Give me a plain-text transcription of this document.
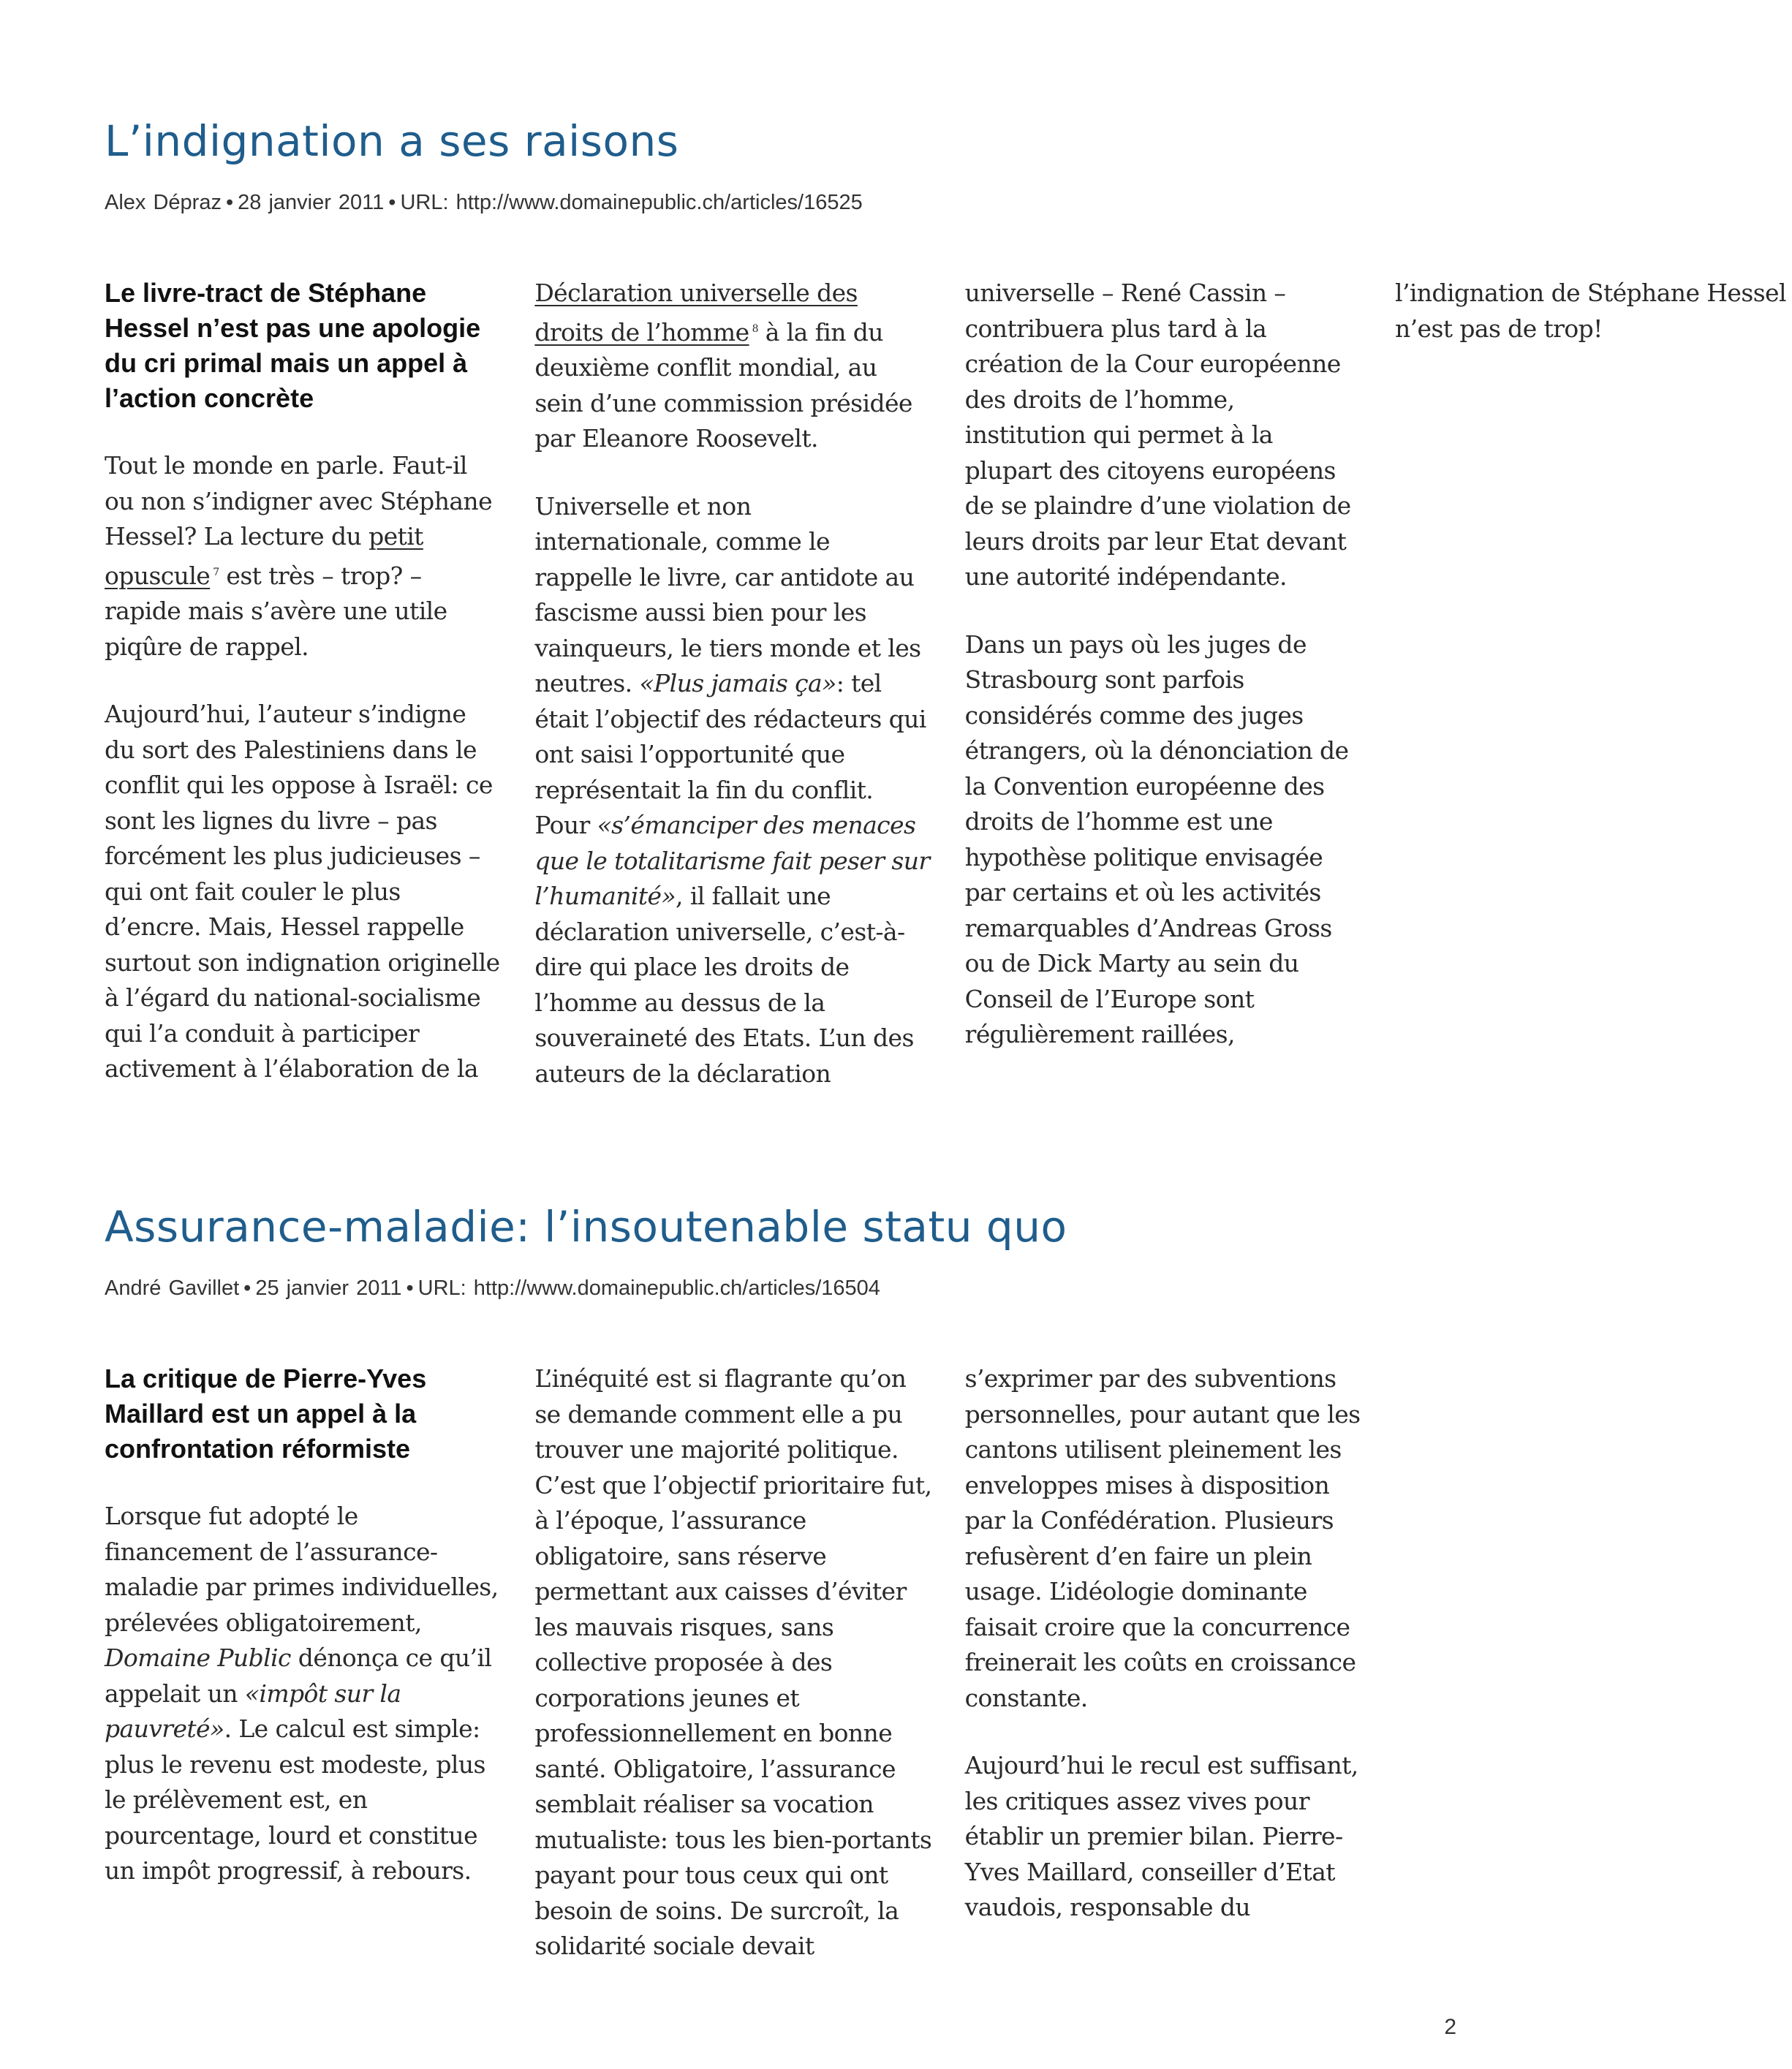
L’indignation a ses raisons
Alex Dépraz • 28 janvier 2011 • URL: http://www.domainepublic.ch/articles/16525

Le livre-tract de Stéphane Hessel n’est pas une apologie du cri primal mais un appel à l’action concrète

Tout le monde en parle. Faut-il ou non s’indigner avec Stéphane Hessel? La lecture du petit opuscule $^7$ est très – trop? – rapide mais s’avère une utile piqûre de rappel.

Aujourd’hui, l’auteur s’indigne du sort des Palestiniens dans le conflit qui les oppose à Israël: ce sont les lignes du livre – pas forcément les plus judicieuses – qui ont fait couler le plus d’encre. Mais, Hessel rappelle surtout son indignation originelle à l’égard du national-socialisme qui l’a conduit à participer activement à l’élaboration de la Déclaration universelle des droits de l’homme $^8$ à la fin du deuxième conflit mondial, au sein d’une commission présidée par Eleanore Roosevelt.

Universelle et non internationale, comme le rappelle le livre, car antidote au fascisme aussi bien pour les vainqueurs, le tiers monde et les neutres. «Plus jamais ça»: tel était l’objectif des rédacteurs qui ont saisi l’opportunité que représentait la fin du conflit. Pour «s’émanciper des menaces que le totalitarisme fait peser sur l’humanité», il fallait une déclaration universelle, c’est-à-dire qui place les droits de l’homme au dessus de la souveraineté des Etats. L’un des auteurs de la déclaration universelle – René Cassin – contribuera plus tard à la création de la Cour européenne des droits de l’homme, institution qui permet à la plupart des citoyens européens de se plaindre d’une violation de leurs droits par leur Etat devant une autorité indépendante.

Dans un pays où les juges de Strasbourg sont parfois considérés comme des juges étrangers, où la dénonciation de la Convention européenne des droits de l’homme est une hypothèse politique envisagée par certains et où les activités remarquables d’Andreas Gross ou de Dick Marty au sein du Conseil de l’Europe sont régulièrement raillées, l’indignation de Stéphane Hessel n’est pas de trop!

Assurance-maladie: l’insoutenable statu quo
André Gavillet • 25 janvier 2011 • URL: http://www.domainepublic.ch/articles/16504

La critique de Pierre-Yves Maillard est un appel à la confrontation réformiste

Lorsque fut adopté le financement de l’assurance-maladie par primes individuelles, prélevées obligatoirement, Domaine Public dénonça ce qu’il appelait un «impôt sur la pauvreté». Le calcul est simple: plus le revenu est modeste, plus le prélèvement est, en pourcentage, lourd et constitue un impôt progressif, à rebours.

L’inéquité est si flagrante qu’on se demande comment elle a pu trouver une majorité politique. C’est que l’objectif prioritaire fut, à l’époque, l’assurance obligatoire, sans réserve permettant aux caisses d’éviter les mauvais risques, sans collective proposée à des corporations jeunes et professionnellement en bonne santé. Obligatoire, l’assurance semblait réaliser sa vocation mutualiste: tous les bien-portants payant pour tous ceux qui ont besoin de soins. De surcroît, la solidarité sociale devait s’exprimer par des subventions personnelles, pour autant que les cantons utilisent pleinement les enveloppes mises à disposition par la Confédération. Plusieurs refusèrent d’en faire un plein usage. L’idéologie dominante faisait croire que la concurrence freinerait les coûts en croissance constante.

Aujourd’hui le recul est suffisant, les critiques assez vives pour établir un premier bilan. Pierre-Yves Maillard, conseiller d’Etat vaudois, responsable du

2
